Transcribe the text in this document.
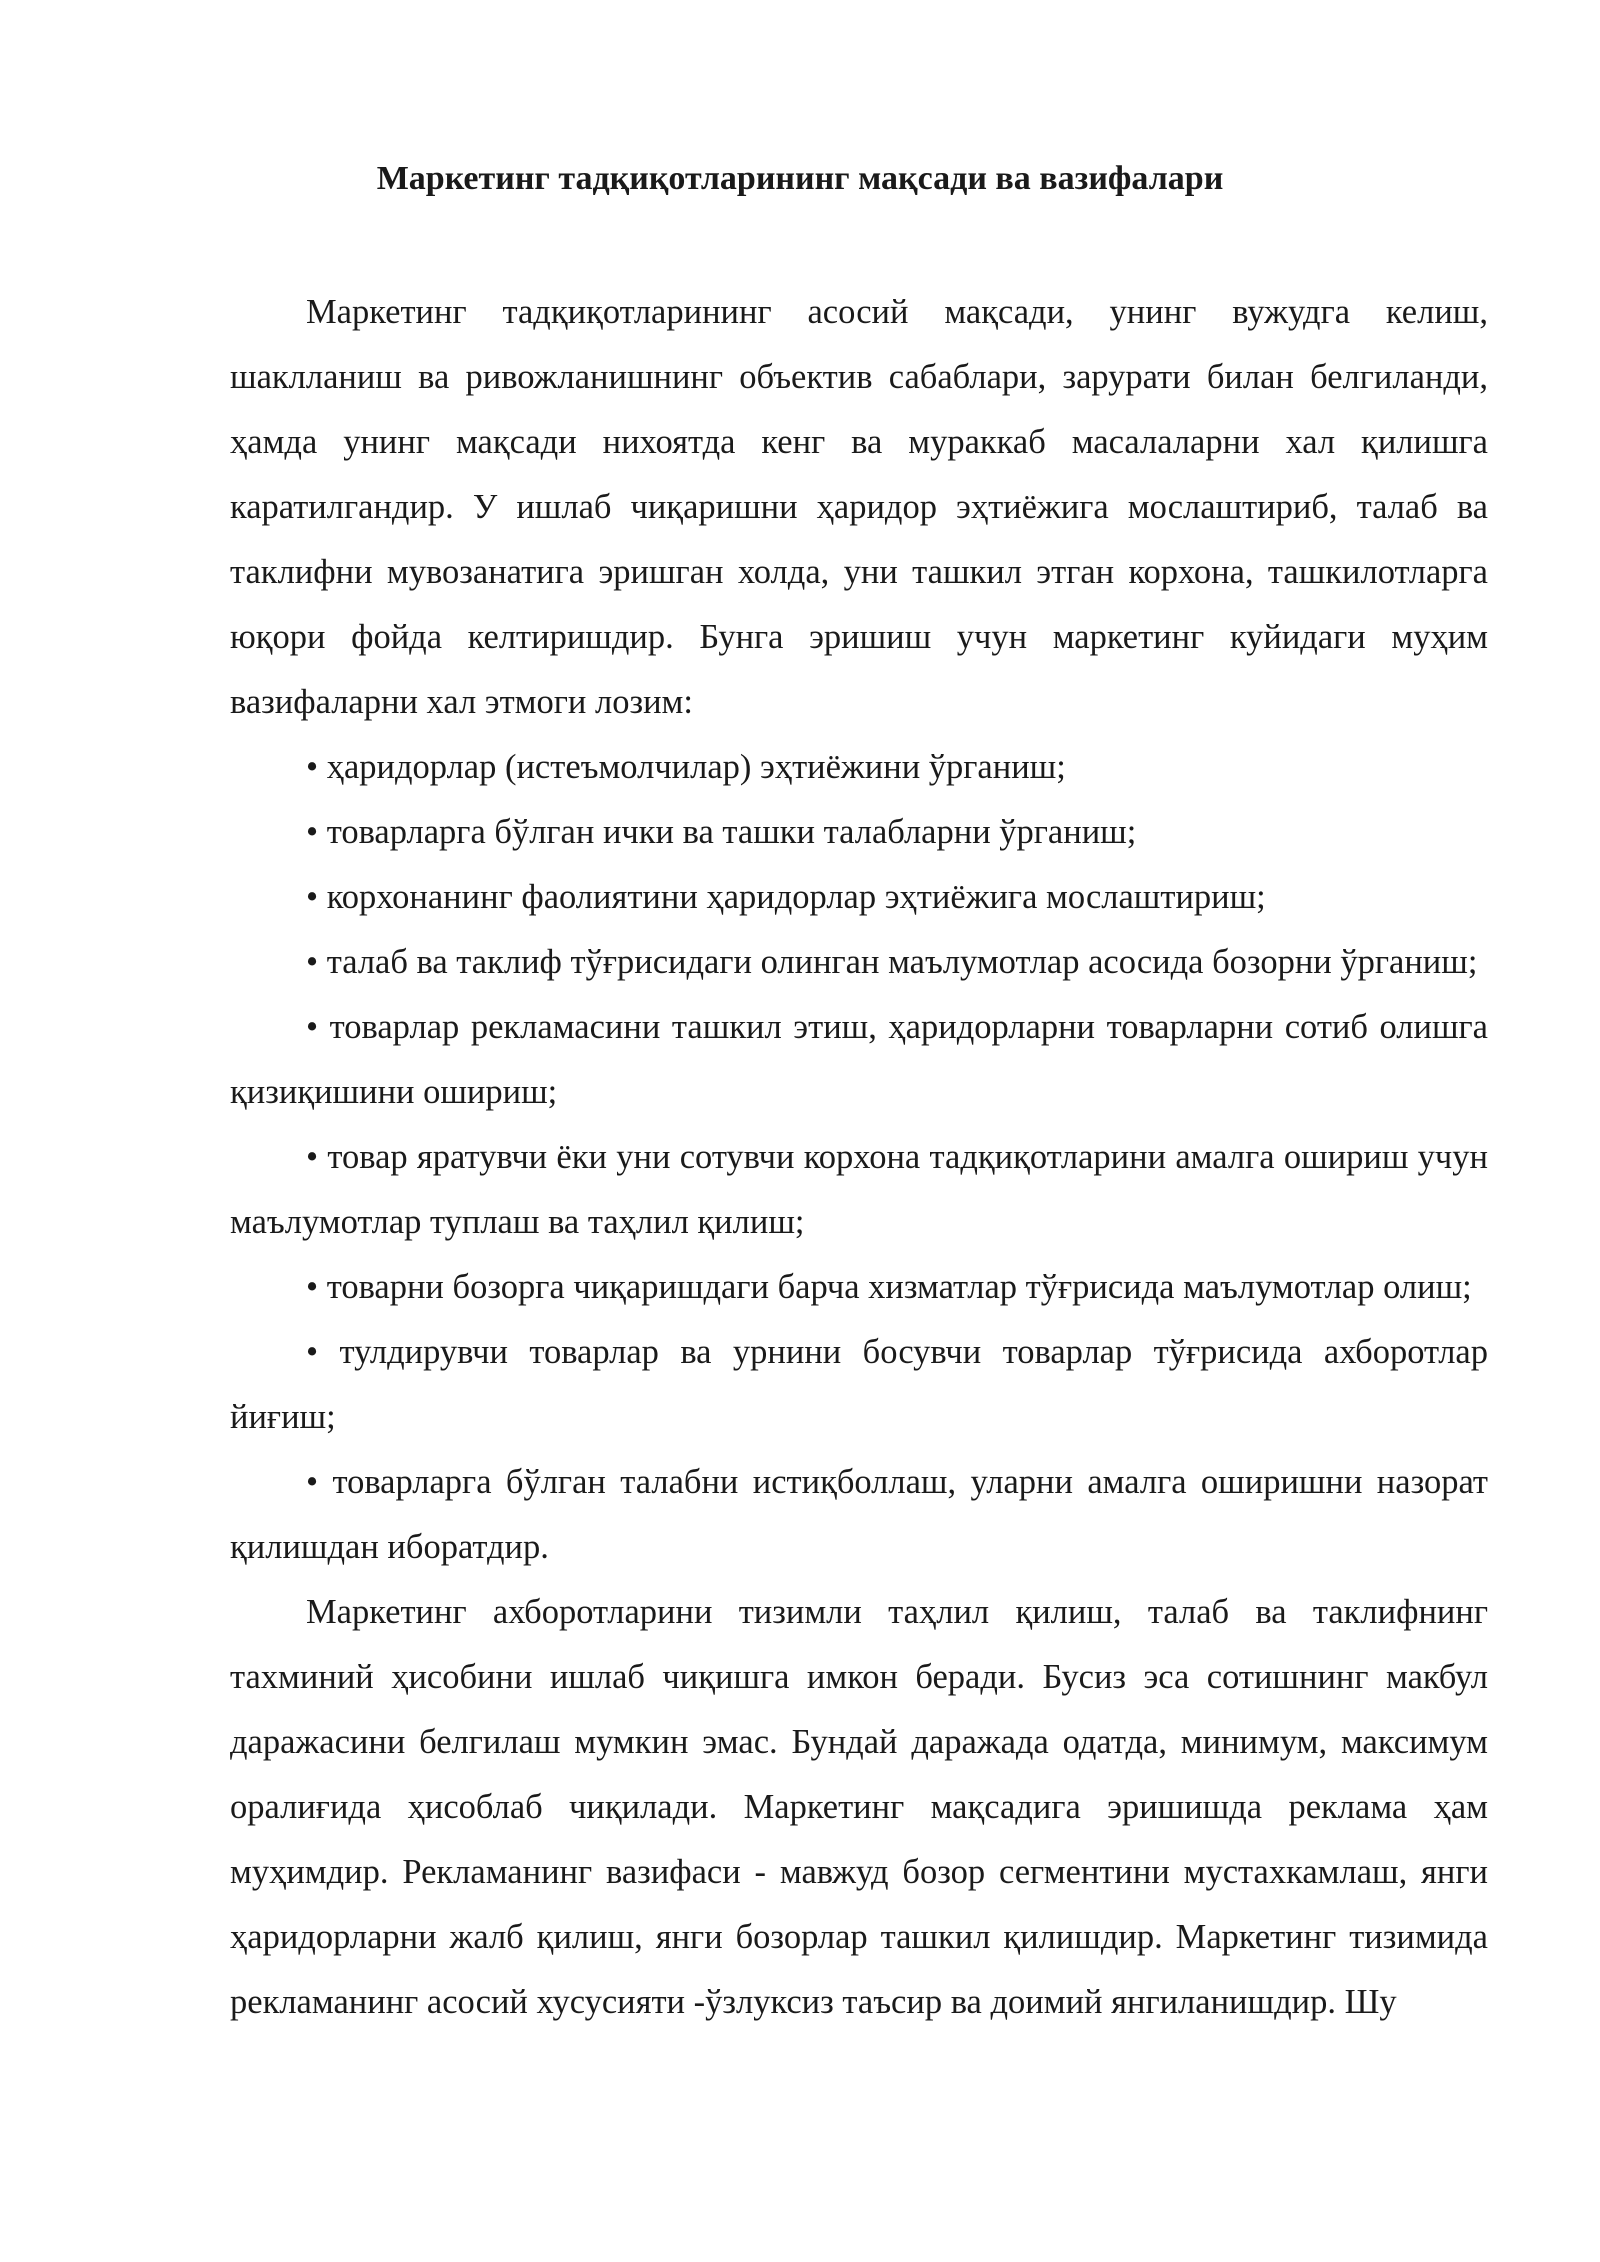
Маркетинг тадқиқотларининг мақсади ва вазифалари

Маркетинг тадқиқотларининг асосий мақсади, унинг вужудга келиш, шаклланиш ва ривожланишнинг объектив сабаблари, зарурати билан белгиланди, ҳамда унинг мақсади нихоятда кенг ва мураккаб масалаларни хал қилишга каратилгандир. У ишлаб чиқаришни ҳаридор эҳтиёжига мослаштириб, талаб ва таклифни мувозанатига эришган холда, уни ташкил этган корхона, ташкилотларга юқори фойда келтиришдир. Бунга эришиш учун маркетинг куйидаги муҳим вазифаларни хал этмоги лозим:

• ҳаридорлар (истеъмолчилар) эҳтиёжини ўрганиш;

• товарларга бўлган ички ва ташки талабларни ўрганиш;

• корхонанинг фаолиятини ҳаридорлар эҳтиёжига мослаштириш;

• талаб ва таклиф тўғрисидаги олинган маълумотлар асосида бозорни ўрганиш;

• товарлар рекламасини ташкил этиш, ҳаридорларни товарларни сотиб олишга қизиқишини ошириш;

• товар яратувчи ёки уни сотувчи корхона тадқиқотларини амалга ошириш учун маълумотлар туплаш ва таҳлил қилиш;

• товарни бозорга чиқаришдаги барча хизматлар тўғрисида маълумотлар олиш;

• тулдирувчи товарлар ва урнини босувчи товарлар тўғрисида ахборотлар йиғиш;

• товарларга бўлган талабни истиқболлаш, уларни амалга оширишни назорат қилишдан иборатдир.

Маркетинг ахборотларини тизимли таҳлил қилиш, талаб ва таклифнинг тахминий ҳисобини ишлаб чиқишга имкон беради. Бусиз эса сотишнинг макбул даражасини белгилаш мумкин эмас. Бундай даражада одатда, минимум, максимум оралиғида ҳисоблаб чиқилади. Маркетинг мақсадига эришишда реклама ҳам муҳимдир. Рекламанинг вазифаси - мавжуд бозор сегментини мустахкамлаш, янги ҳаридорларни жалб қилиш, янги бозорлар ташкил қилишдир. Маркетинг тизимида рекламанинг асосий хусусияти -ўзлуксиз таъсир ва доимий янгиланишдир. Шу
